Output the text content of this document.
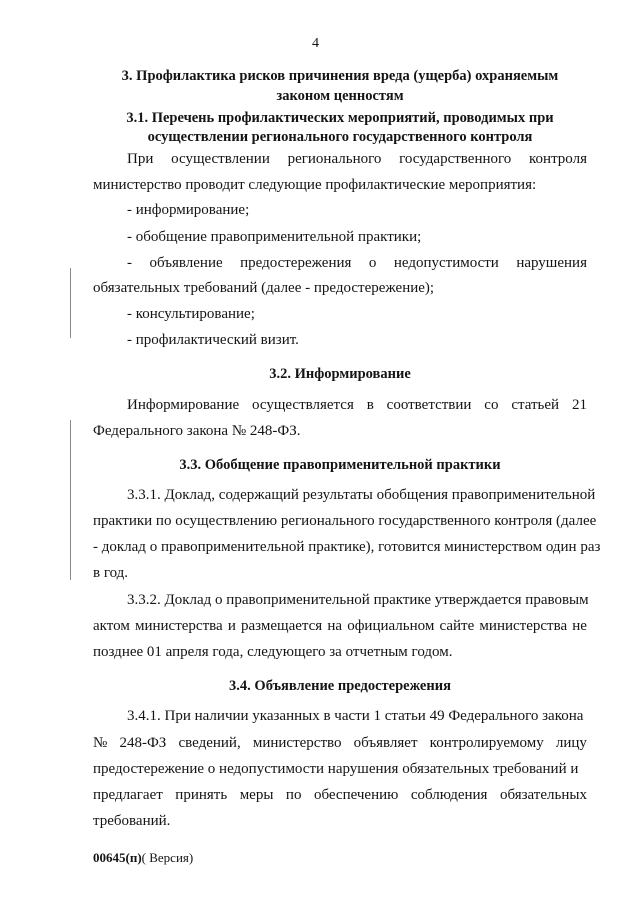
4
3. Профилактика рисков причинения вреда (ущерба) охраняемым
законом ценностям
3.1. Перечень профилактических мероприятий, проводимых при
осуществлении регионального государственного контроля
При осуществлении регионального государственного контроля
министерство проводит следующие профилактические мероприятия:
- информирование;
- обобщение правоприменительной практики;
- объявление предостережения о недопустимости нарушения
обязательных требований (далее - предостережение);
- консультирование;
- профилактический визит.
3.2. Информирование
Информирование осуществляется в соответствии со статьей 21
Федерального закона № 248-ФЗ.
3.3. Обобщение правоприменительной практики
3.3.1. Доклад, содержащий результаты обобщения правоприменительной
практики по осуществлению регионального государственного контроля (далее
- доклад о правоприменительной практике), готовится министерством один раз
в год.
3.3.2. Доклад о правоприменительной практике утверждается правовым
актом министерства и размещается на официальном сайте министерства не
позднее 01 апреля года, следующего за отчетным годом.
3.4. Объявление предостережения
3.4.1. При наличии указанных в части 1 статьи 49 Федерального закона
№ 248-ФЗ сведений, министерство объявляет контролируемому лицу
предостережение о недопустимости нарушения обязательных требований и
предлагает принять меры по обеспечению соблюдения обязательных
требований.
00645(п)( Версия)
